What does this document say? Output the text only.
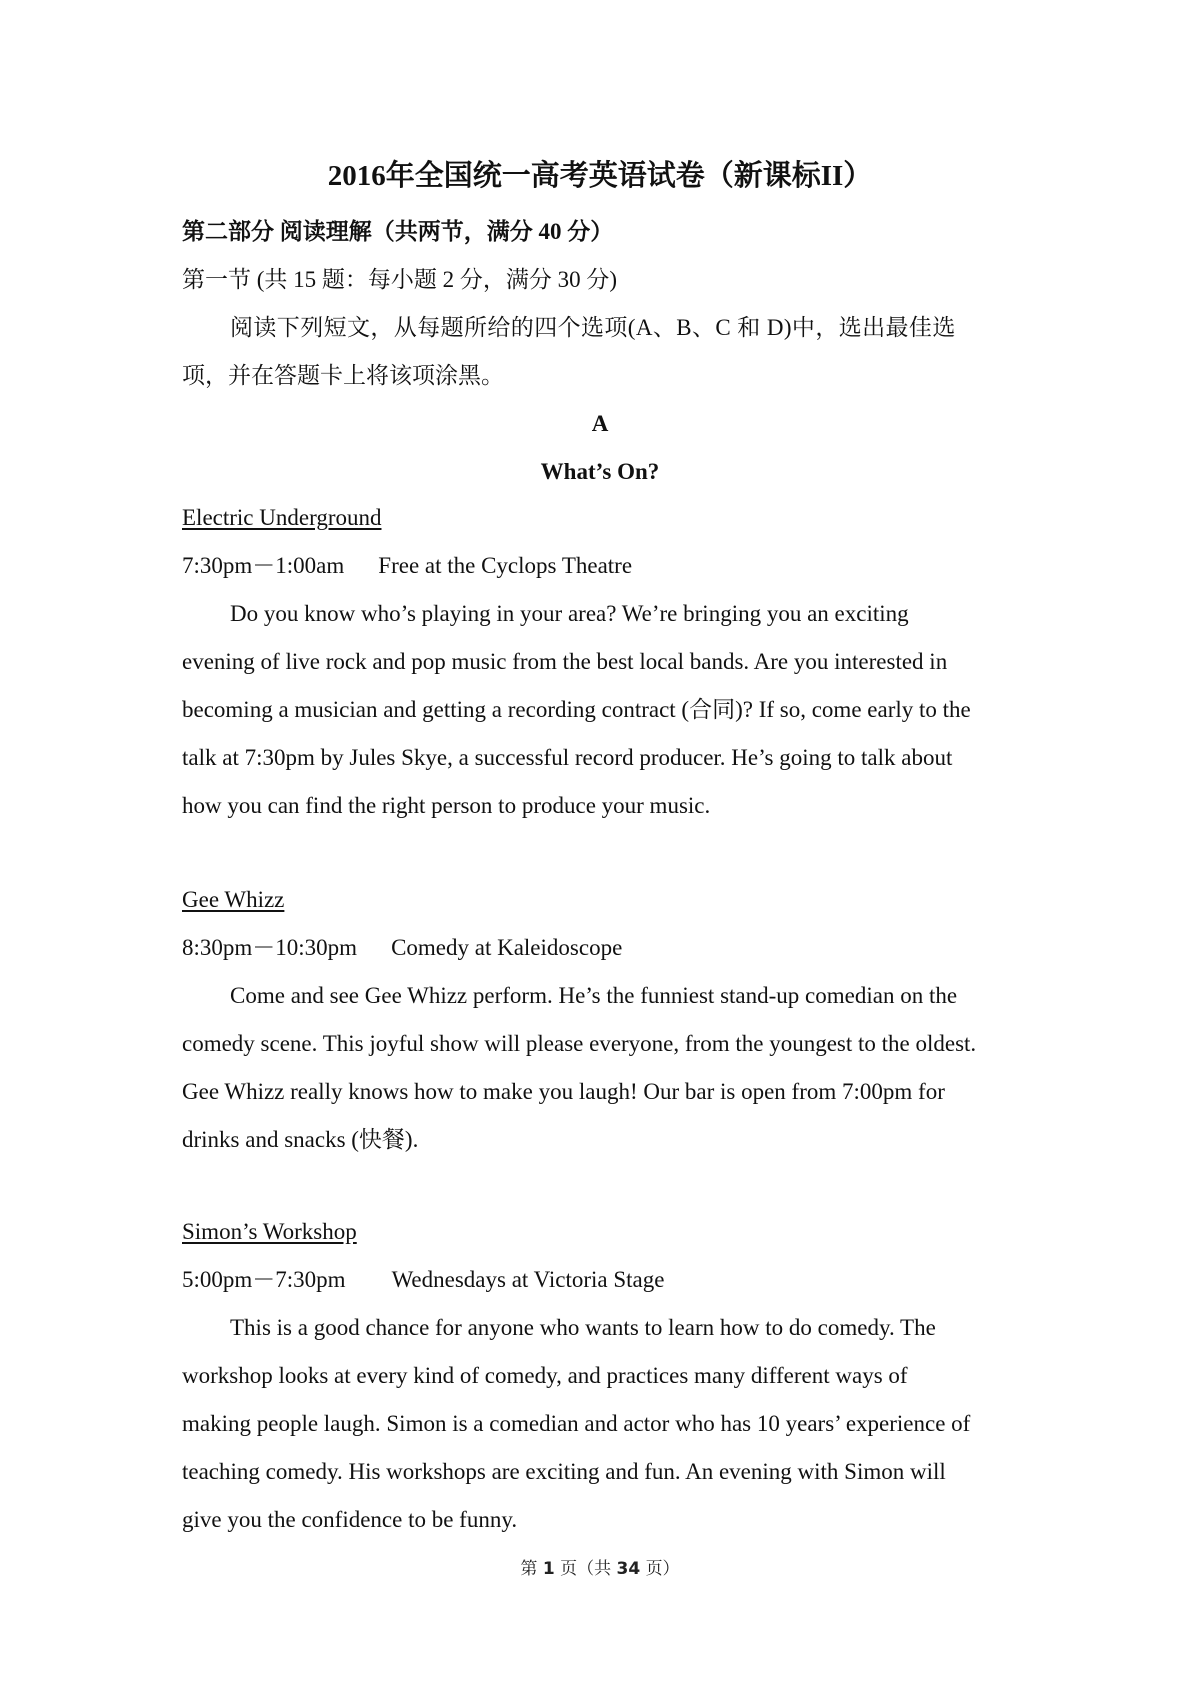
2016年全国统一高考英语试卷（新课标II）
第二部分 阅读理解（共两节，满分 40 分）
第一节 (共 15 题：每小题 2 分，满分 30 分)
阅读下列短文，从每题所给的四个选项(A、B、C 和 D)中，选出最佳选
项，并在答题卡上将该项涂黑。
A
What’s On?
Electric Underground
7:30pm－1:00am Free at the Cyclops Theatre
Do you know who’s playing in your area? We’re bringing you an exciting
evening of live rock and pop music from the best local bands. Are you interested in
becoming a musician and getting a recording contract (合同)? If so, come early to the
talk at 7:30pm by Jules Skye, a successful record producer. He’s going to talk about
how you can find the right person to produce your music.
Gee Whizz
8:30pm－10:30pm Comedy at Kaleidoscope
Come and see Gee Whizz perform. He’s the funniest stand-up comedian on the
comedy scene. This joyful show will please everyone, from the youngest to the oldest.
Gee Whizz really knows how to make you laugh! Our bar is open from 7:00pm for
drinks and snacks (快餐).
Simon’s Workshop
5:00pm－7:30pm Wednesdays at Victoria Stage
This is a good chance for anyone who wants to learn how to do comedy. The
workshop looks at every kind of comedy, and practices many different ways of
making people laugh. Simon is a comedian and actor who has 10 years’ experience of
teaching comedy. His workshops are exciting and fun. An evening with Simon will
give you the confidence to be funny.
第 1 页（共 34 页）
